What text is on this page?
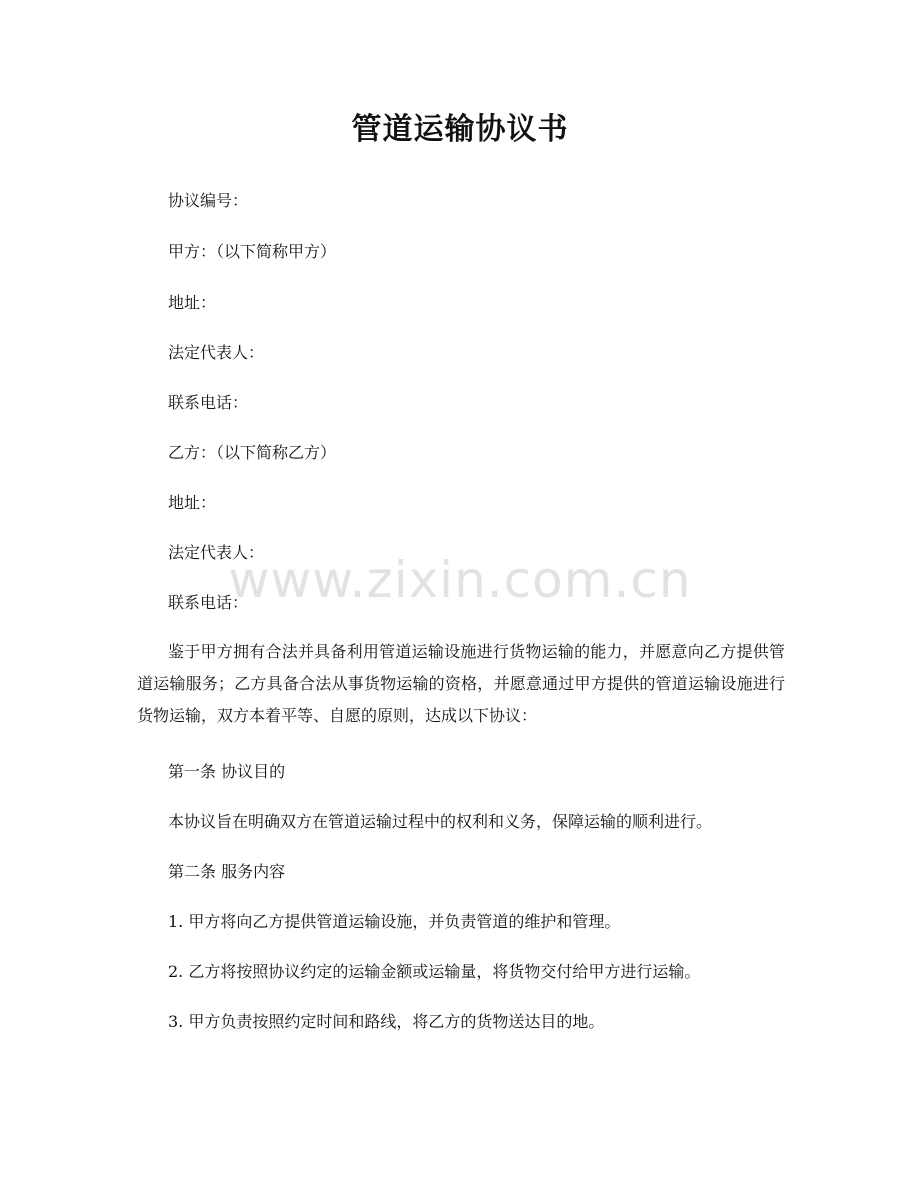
管道运输协议书
协议编号：
甲方：（以下简称甲方）
地址：
法定代表人：
联系电话：
乙方：（以下简称乙方）
地址：
法定代表人：
联系电话：
鉴于甲方拥有合法并具备利用管道运输设施进行货物运输的能力，并愿意向乙方提供管道运输服务；乙方具备合法从事货物运输的资格，并愿意通过甲方提供的管道运输设施进行货物运输，双方本着平等、自愿的原则，达成以下协议：
第一条 协议目的
本协议旨在明确双方在管道运输过程中的权利和义务，保障运输的顺利进行。
第二条 服务内容
1. 甲方将向乙方提供管道运输设施，并负责管道的维护和管理。
2. 乙方将按照协议约定的运输金额或运输量，将货物交付给甲方进行运输。
3. 甲方负责按照约定时间和路线，将乙方的货物送达目的地。
www.zixin.com.cn
